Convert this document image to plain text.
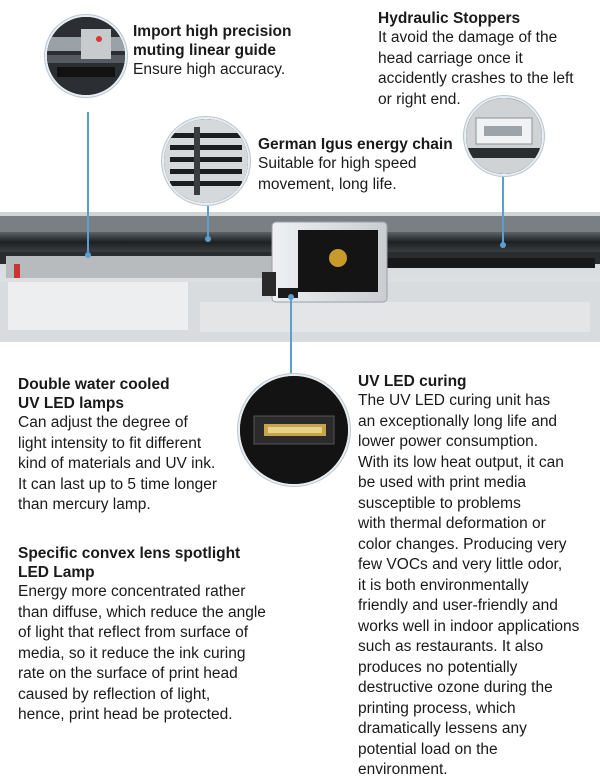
Import high precision
muting linear guide
Ensure high accuracy.
Hydraulic Stoppers
It avoid the damage of the
head carriage once it
accidently crashes to the left
or right end.
German Igus energy chain
Suitable for high speed
movement, long life.
Double water cooled
UV LED lamps
Can adjust the degree of
light intensity to fit different
kind of materials and UV ink.
It can last up to 5 time longer
than mercury lamp.
Specific convex lens spotlight
LED Lamp
Energy more concentrated rather
than diffuse, which reduce the angle
of light that reflect from surface of
media, so it reduce the ink curing
rate on the surface of print head
caused by reflection of light,
hence, print head be protected.
UV LED curing
The UV LED curing unit has
an exceptionally long life and
lower power consumption.
With its low heat output, it can
be used with print media
susceptible to problems
with thermal deformation or
color changes. Producing very
few VOCs and very little odor,
it is both environmentally
friendly and user-friendly and
works well in indoor applications
such as restaurants. It also
produces no potentially
destructive ozone during the
printing process, which
dramatically lessens any
potential load on the
environment.
